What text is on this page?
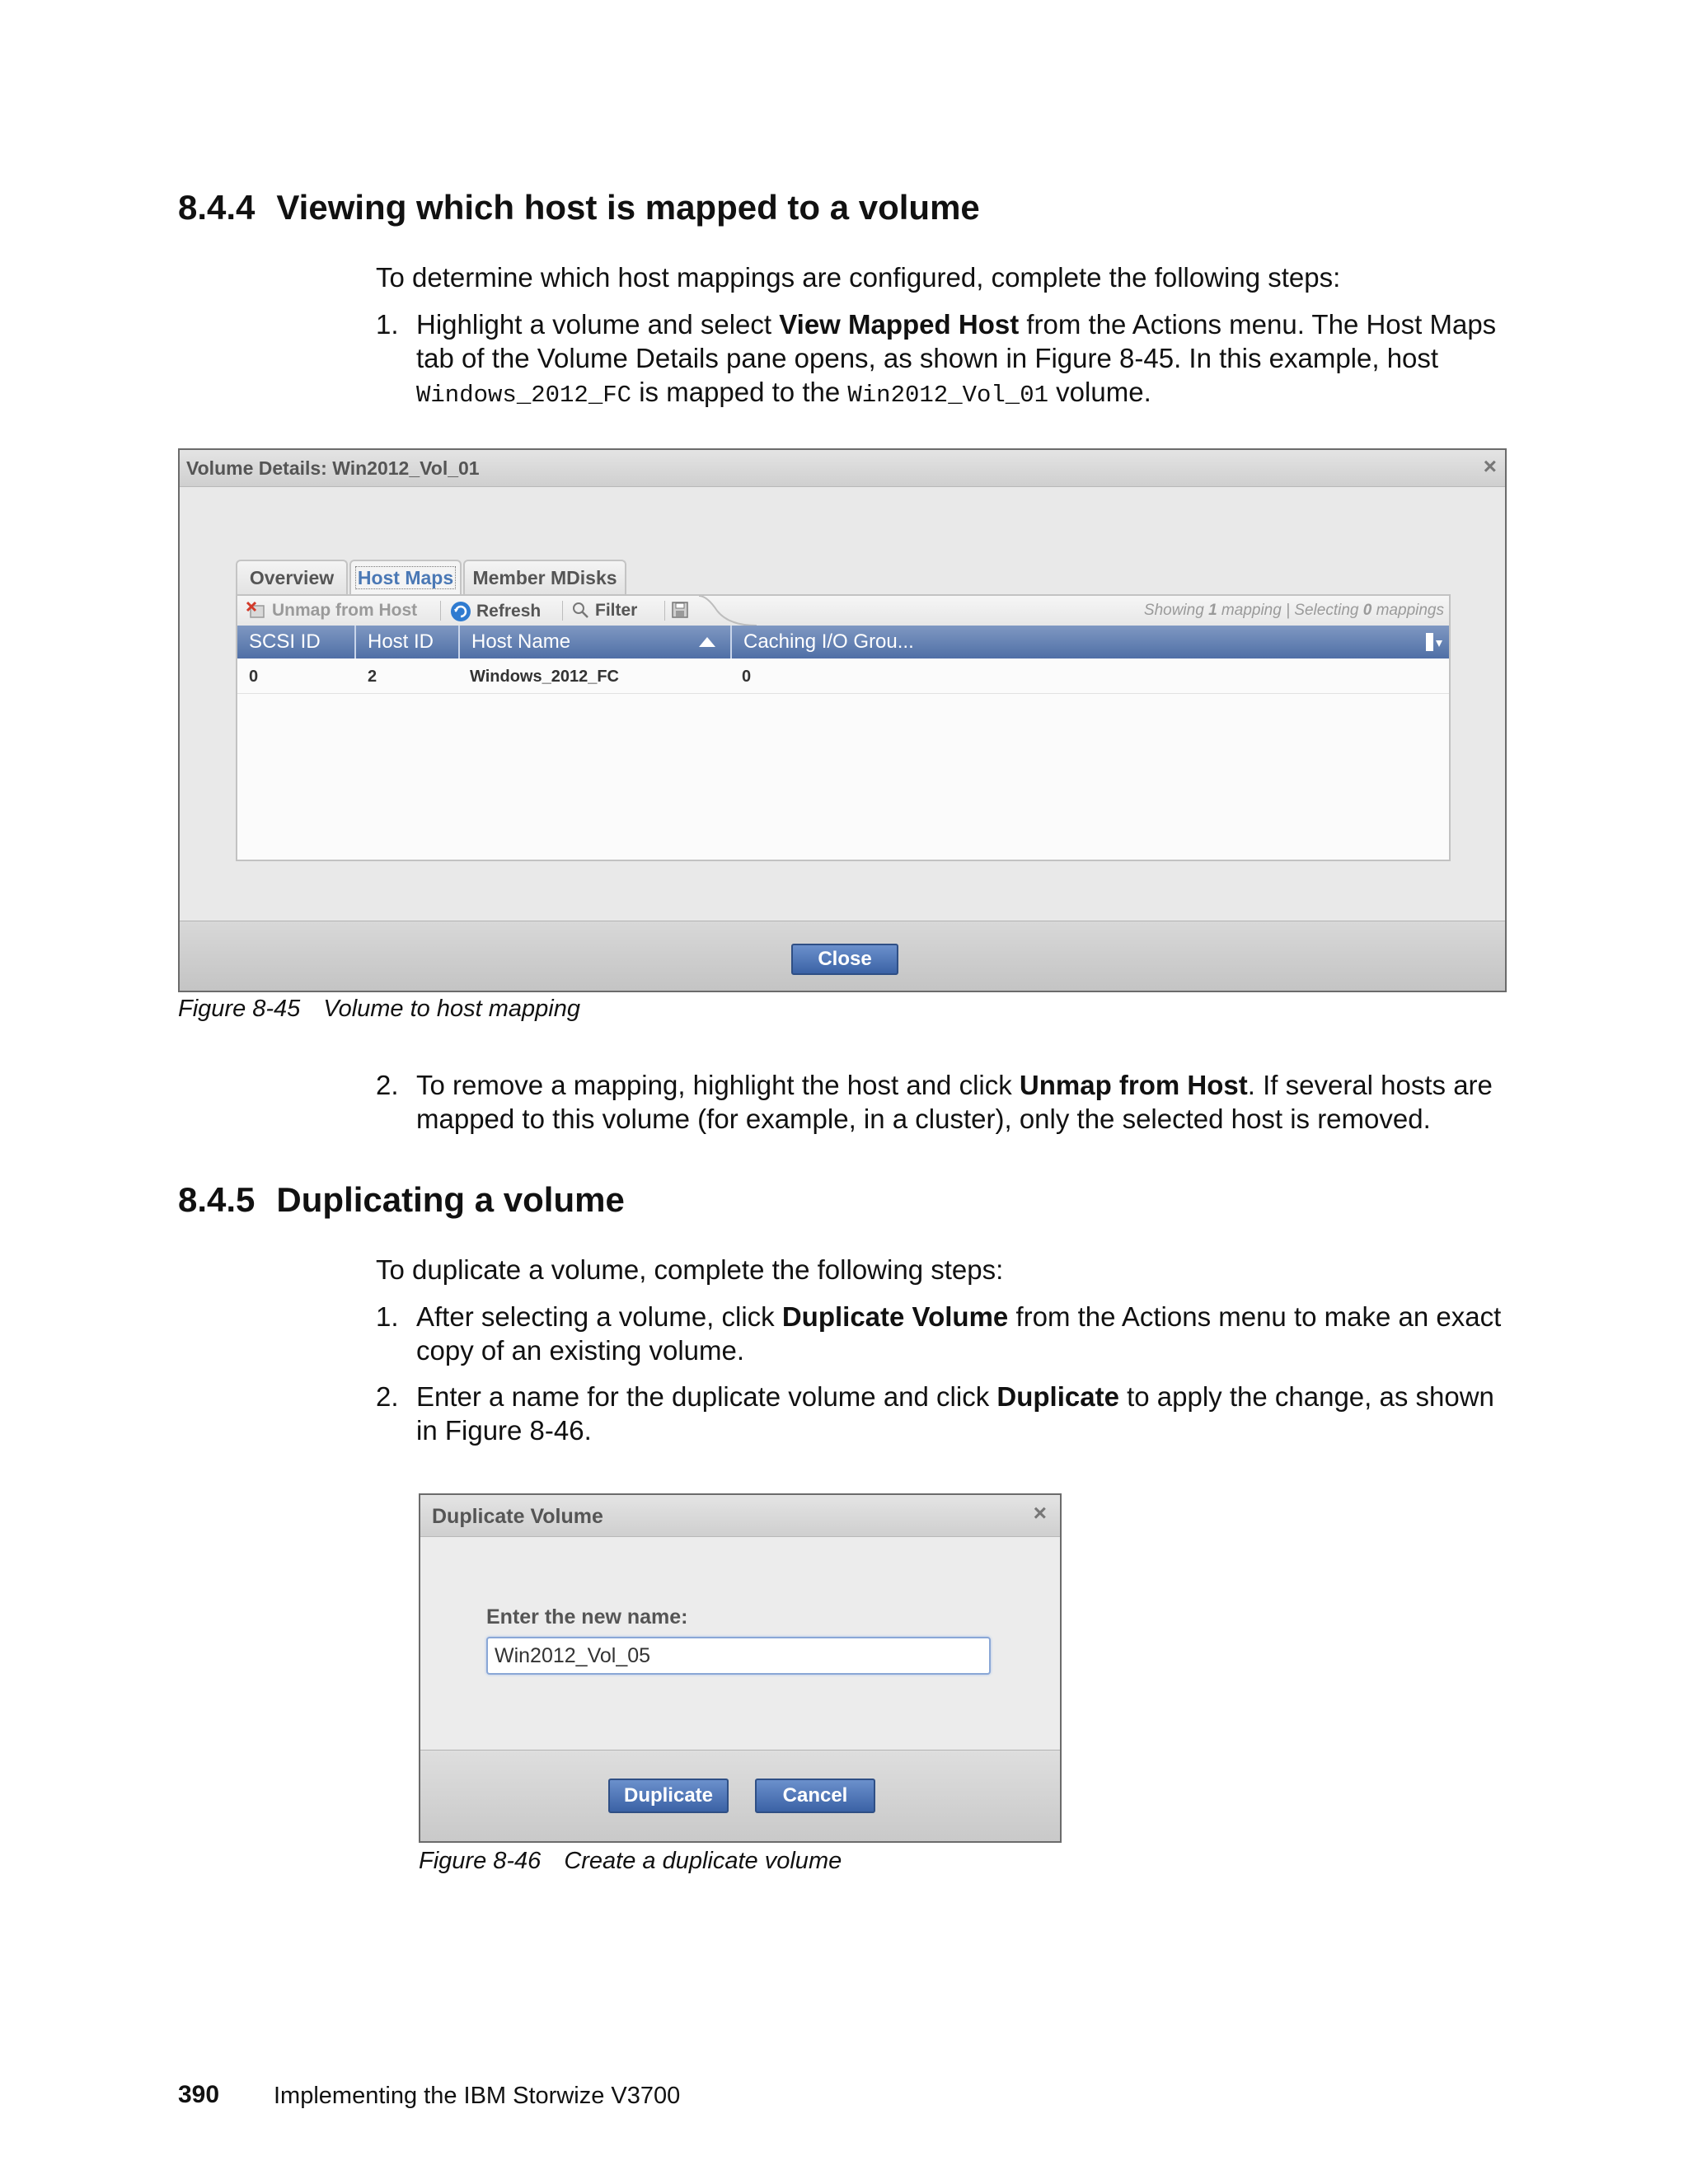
8.4.4 Viewing which host is mapped to a volume

To determine which host mappings are configured, complete the following steps:

1. Highlight a volume and select View Mapped Host from the Actions menu. The Host Maps tab of the Volume Details pane opens, as shown in Figure 8-45. In this example, host Windows_2012_FC is mapped to the Win2012_Vol_01 volume.
Volume Details: Win2012_Vol_01	×
Overview	Host Maps	Member MDisks
Unmap from Host	Refresh	Filter	Showing 1 mapping | Selecting 0 mappings
SCSI ID	Host ID	Host Name	Caching I/O Grou...
0	2	Windows_2012_FC	0
Close
Figure 8-45 Volume to host mapping
2. To remove a mapping, highlight the host and click Unmap from Host. If several hosts are mapped to this volume (for example, in a cluster), only the selected host is removed.
8.4.5 Duplicating a volume

To duplicate a volume, complete the following steps:

1. After selecting a volume, click Duplicate Volume from the Actions menu to make an exact copy of an existing volume.
2. Enter a name for the duplicate volume and click Duplicate to apply the change, as shown in Figure 8-46.
Duplicate Volume	×
Enter the new name:
Win2012_Vol_05
Duplicate	Cancel
Figure 8-46 Create a duplicate volume
390 Implementing the IBM Storwize V3700
